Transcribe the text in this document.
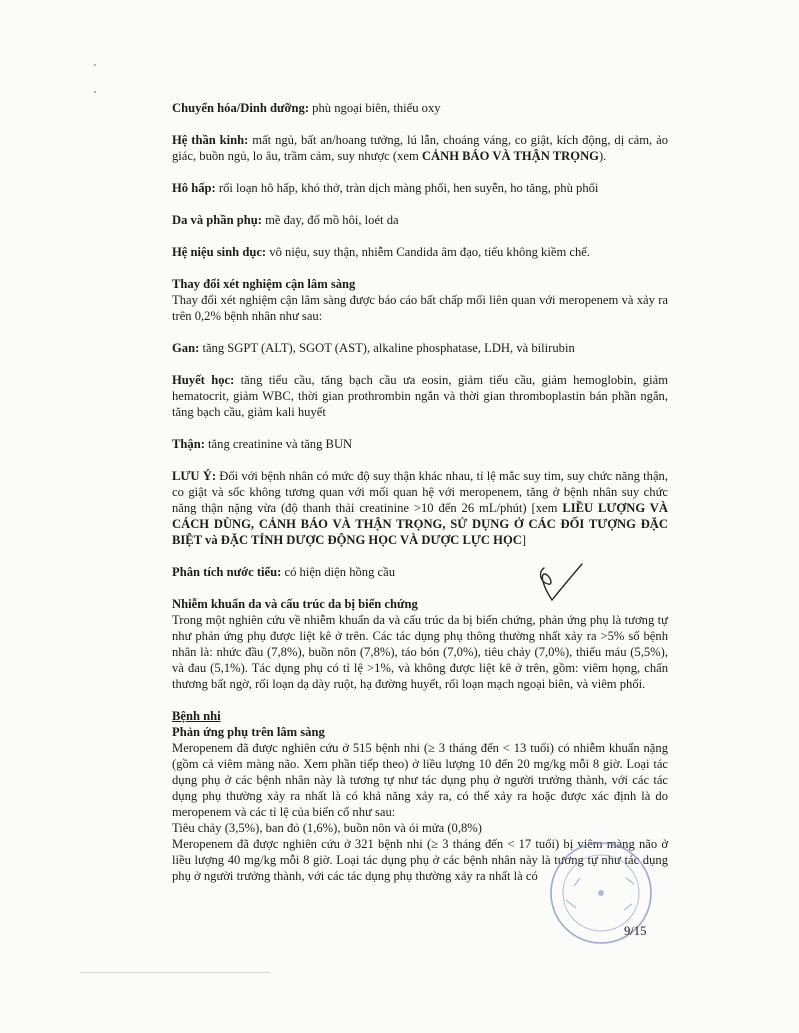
Chuyển hóa/Dinh dưỡng: phù ngoại biên, thiếu oxy

Hệ thần kinh: mất ngủ, bất an/hoang tưởng, lú lẫn, choáng váng, co giật, kích động, dị cảm, ảo giác, buồn ngủ, lo âu, trầm cảm, suy nhược (xem CẢNH BÁO VÀ THẬN TRỌNG).

Hô hấp: rối loạn hô hấp, khó thở, tràn dịch màng phổi, hen suyễn, ho tăng, phù phổi

Da và phần phụ: mề đay, đổ mồ hôi, loét da

Hệ niệu sinh dục: vô niệu, suy thận, nhiễm Candida âm đạo, tiểu không kiềm chế.

Thay đổi xét nghiệm cận lâm sàng

Thay đổi xét nghiệm cận lâm sàng được báo cáo bất chấp mối liên quan với meropenem và xảy ra trên 0,2% bệnh nhân như sau:

Gan: tăng SGPT (ALT), SGOT (AST), alkaline phosphatase, LDH, và bilirubin

Huyết học: tăng tiểu cầu, tăng bạch cầu ưa eosin, giảm tiểu cầu, giảm hemoglobin, giảm hematocrit, giảm WBC, thời gian prothrombin ngắn và thời gian thromboplastin bán phần ngắn, tăng bạch cầu, giảm kali huyết

Thận: tăng creatinine và tăng BUN

LƯU Ý: Đối với bệnh nhân có mức độ suy thận khác nhau, tỉ lệ mắc suy tim, suy chức năng thận, co giật và sốc không tương quan với mối quan hệ với meropenem, tăng ở bệnh nhân suy chức năng thận nặng vừa (độ thanh thải creatinine >10 đến 26 mL/phút) [xem LIỀU LƯỢNG VÀ CÁCH DÙNG, CẢNH BÁO VÀ THẬN TRỌNG, SỬ DỤNG Ở CÁC ĐỐI TƯỢNG ĐẶC BIỆT và ĐẶC TÍNH DƯỢC ĐỘNG HỌC VÀ DƯỢC LỰC HỌC]

Phân tích nước tiểu: có hiện diện hồng cầu

Nhiễm khuẩn da và cấu trúc da bị biến chứng

Trong một nghiên cứu về nhiễm khuẩn da và cấu trúc da bị biến chứng, phản ứng phụ là tương tự như phản ứng phụ được liệt kê ở trên. Các tác dụng phụ thông thường nhất xảy ra >5% số bệnh nhân là: nhức đầu (7,8%), buồn nôn (7,8%), táo bón (7,0%), tiêu chảy (7,0%), thiếu máu (5,5%), và đau (5,1%). Tác dụng phụ có tỉ lệ >1%, và không được liệt kê ở trên, gồm: viêm họng, chấn thương bất ngờ, rối loạn dạ dày ruột, hạ đường huyết, rối loạn mạch ngoại biên, và viêm phổi.

Bệnh nhi

Phản ứng phụ trên lâm sàng

Meropenem đã được nghiên cứu ở 515 bệnh nhi (≥ 3 tháng đến < 13 tuổi) có nhiễm khuẩn nặng (gồm cả viêm màng não. Xem phần tiếp theo) ở liều lượng 10 đến 20 mg/kg mỗi 8 giờ. Loại tác dụng phụ ở các bệnh nhân này là tương tự như tác dụng phụ ở người trưởng thành, với các tác dụng phụ thường xảy ra nhất là có khả năng xảy ra, có thể xảy ra hoặc được xác định là do meropenem và các tỉ lệ của biến cố như sau:

Tiêu chảy (3,5%), ban đỏ (1,6%), buồn nôn và ói mửa (0,8%)

Meropenem đã được nghiên cứu ở 321 bệnh nhi (≥ 3 tháng đến < 17 tuổi) bị viêm màng não ở liều lượng 40 mg/kg mỗi 8 giờ. Loại tác dụng phụ ở các bệnh nhân này là tương tự như tác dụng phụ ở người trưởng thành, với các tác dụng phụ thường xảy ra nhất là có

9/15
